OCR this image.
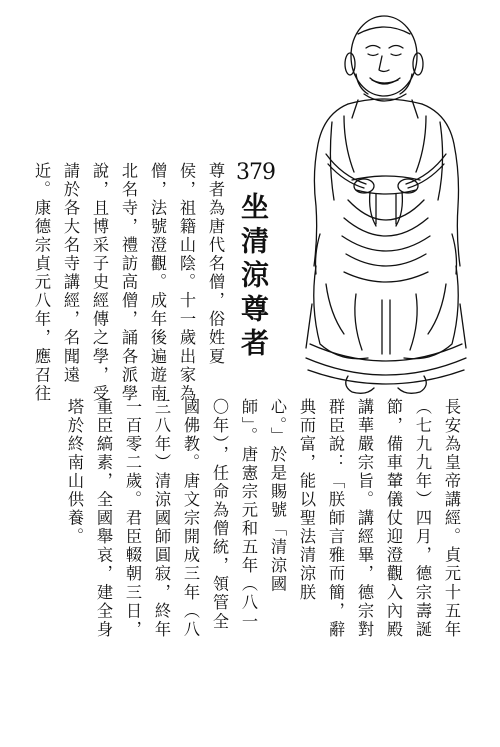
379
坐清涼尊者
尊者為唐代名僧，俗姓夏
侯，祖籍山陰。十一歲出家為
僧，法號澄觀。成年後遍遊南
北名寺，禮訪高僧，誦各派學
說，且博采子史經傳之學，受
請於各大名寺講經，名聞遠
近。康德宗貞元八年，應召往
長安為皇帝講經。貞元十五年
（七九九年）四月，德宗壽誕
節，備車輦儀仗迎澄觀入內殿
講華嚴宗旨。講經畢，德宗對
群臣說：「朕師言雅而簡，辭
典而富，能以聖法清涼朕
心。」於是賜號「清涼國
師」。唐憲宗元和五年（八一
〇年），任命為僧統，領管全
國佛教。唐文宗開成三年（八
三八年）清涼國師圓寂，終年
一百零二歲。君臣輟朝三日，
重臣縞素，全國舉哀，建全身
塔於終南山供養。
